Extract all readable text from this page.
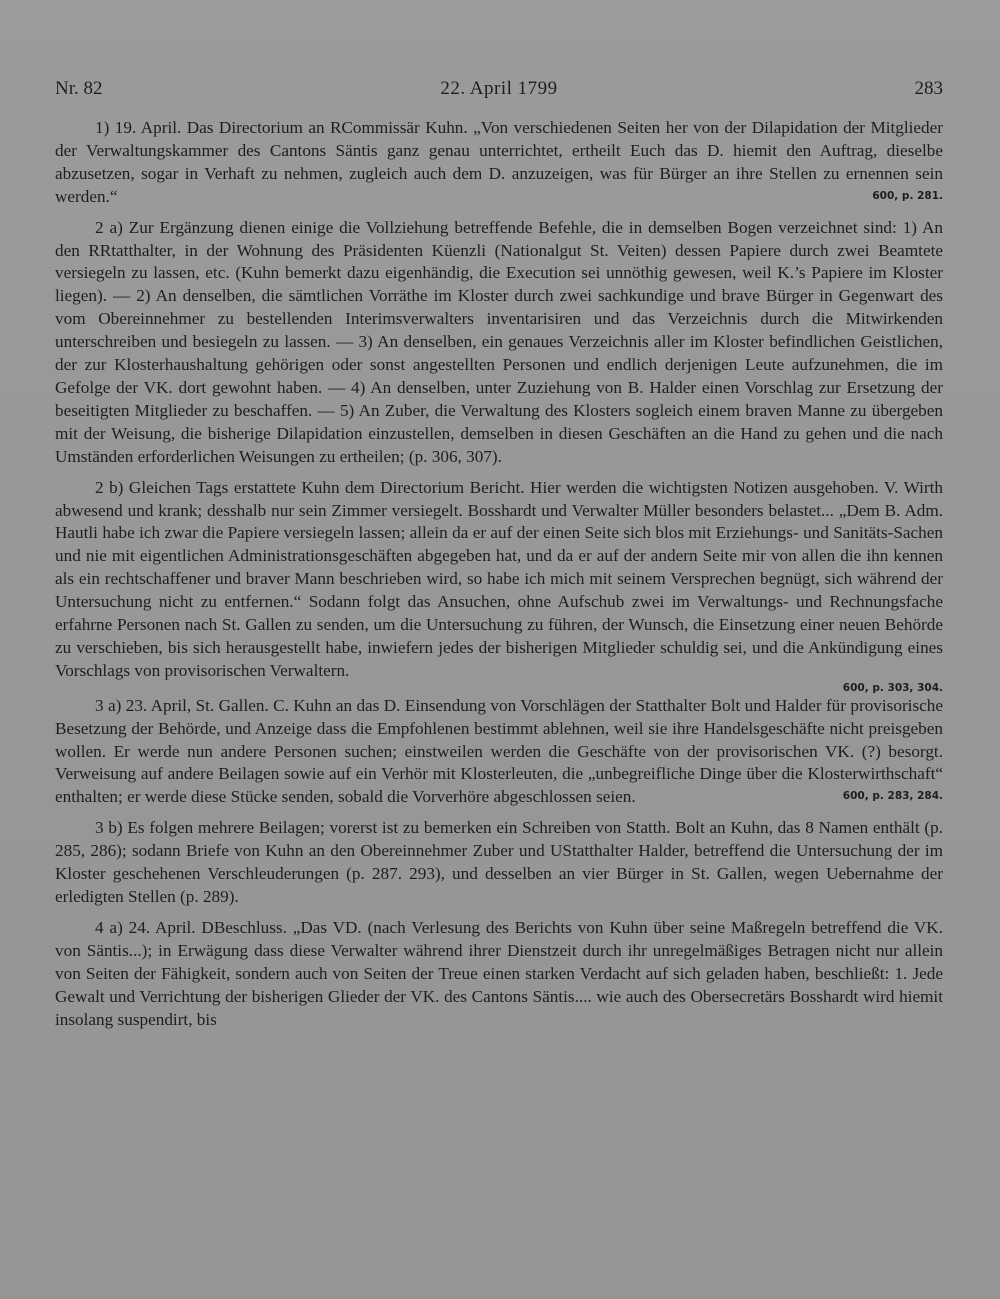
Nr. 82	22. April 1799	283

1) 19. April. Das Directorium an RCommissär Kuhn. „Von verschiedenen Seiten her von der Dilapidation der Mitglieder der Verwaltungskammer des Cantons Säntis ganz genau unterrichtet, ertheilt Euch das D. hiemit den Auftrag, dieselbe abzusetzen, sogar in Verhaft zu nehmen, zugleich auch dem D. anzuzeigen, was für Bürger an ihre Stellen zu ernennen sein werden.“	600, p. 281.

2 a) Zur Ergänzung dienen einige die Vollziehung betreffende Befehle, die in demselben Bogen verzeichnet sind: 1) An den RRtatthalter, in der Wohnung des Präsidenten Küenzli (Nationalgut St. Veiten) dessen Papiere durch zwei Beamtete versiegeln zu lassen, etc. (Kuhn bemerkt dazu eigenhändig, die Execution sei unnöthig gewesen, weil K.’s Papiere im Kloster liegen). — 2) An denselben, die sämtlichen Vorräthe im Kloster durch zwei sachkundige und brave Bürger in Gegenwart des vom Obereinnehmer zu bestellenden Interimsverwalters inventarisiren und das Verzeichnis durch die Mitwirkenden unterschreiben und besiegeln zu lassen. — 3) An denselben, ein genaues Verzeichnis aller im Kloster befindlichen Geistlichen, der zur Klosterhaushaltung gehörigen oder sonst angestellten Personen und endlich derjenigen Leute aufzunehmen, die im Gefolge der VK. dort gewohnt haben. — 4) An denselben, unter Zuziehung von B. Halder einen Vorschlag zur Ersetzung der beseitigten Mitglieder zu beschaffen. — 5) An Zuber, die Verwaltung des Klosters sogleich einem braven Manne zu übergeben mit der Weisung, die bisherige Dilapidation einzustellen, demselben in diesen Geschäften an die Hand zu gehen und die nach Umständen erforderlichen Weisungen zu ertheilen; (p. 306, 307).

2 b) Gleichen Tags erstattete Kuhn dem Directorium Bericht. Hier werden die wichtigsten Notizen ausgehoben. V. Wirth abwesend und krank; desshalb nur sein Zimmer versiegelt. Bosshardt und Verwalter Müller besonders belastet... „Dem B. Adm. Hautli habe ich zwar die Papiere versiegeln lassen; allein da er auf der einen Seite sich blos mit Erziehungs- und Sanitäts-Sachen und nie mit eigentlichen Administrationsgeschäften abgegeben hat, und da er auf der andern Seite mir von allen die ihn kennen als ein rechtschaffener und braver Mann beschrieben wird, so habe ich mich mit seinem Versprechen begnügt, sich während der Untersuchung nicht zu entfernen.“ Sodann folgt das Ansuchen, ohne Aufschub zwei im Verwaltungs- und Rechnungsfache erfahrne Personen nach St. Gallen zu senden, um die Untersuchung zu führen, der Wunsch, die Einsetzung einer neuen Behörde zu verschieben, bis sich herausgestellt habe, inwiefern jedes der bisherigen Mitglieder schuldig sei, und die Ankündigung eines Vorschlags von provisorischen Verwaltern.

600, p. 303, 304.

3 a) 23. April, St. Gallen. C. Kuhn an das D. Einsendung von Vorschlägen der Statthalter Bolt und Halder für provisorische Besetzung der Behörde, und Anzeige dass die Empfohlenen bestimmt ablehnen, weil sie ihre Handelsgeschäfte nicht preisgeben wollen. Er werde nun andere Personen suchen; einstweilen werden die Geschäfte von der provisorischen VK. (?) besorgt. Verweisung auf andere Beilagen sowie auf ein Verhör mit Klosterleuten, die „unbegreifliche Dinge über die Klosterwirthschaft“ enthalten; er werde diese Stücke senden, sobald die Vorverhöre abgeschlossen seien.	600, p. 283, 284.

3 b) Es folgen mehrere Beilagen; vorerst ist zu bemerken ein Schreiben von Statth. Bolt an Kuhn, das 8 Namen enthält (p. 285, 286); sodann Briefe von Kuhn an den Obereinnehmer Zuber und UStatthalter Halder, betreffend die Untersuchung der im Kloster geschehenen Verschleuderungen (p. 287. 293), und desselben an vier Bürger in St. Gallen, wegen Uebernahme der erledigten Stellen (p. 289).

4 a) 24. April. DBeschluss. „Das VD. (nach Verlesung des Berichts von Kuhn über seine Maßregeln betreffend die VK. von Säntis...); in Erwägung dass diese Verwalter während ihrer Dienstzeit durch ihr unregelmäßiges Betragen nicht nur allein von Seiten der Fähigkeit, sondern auch von Seiten der Treue einen starken Verdacht auf sich geladen haben, beschließt: 1. Jede Gewalt und Verrichtung der bisherigen Glieder der VK. des Cantons Säntis.... wie auch des Obersecretärs Bosshardt wird hiemit insolang suspendirt, bis
